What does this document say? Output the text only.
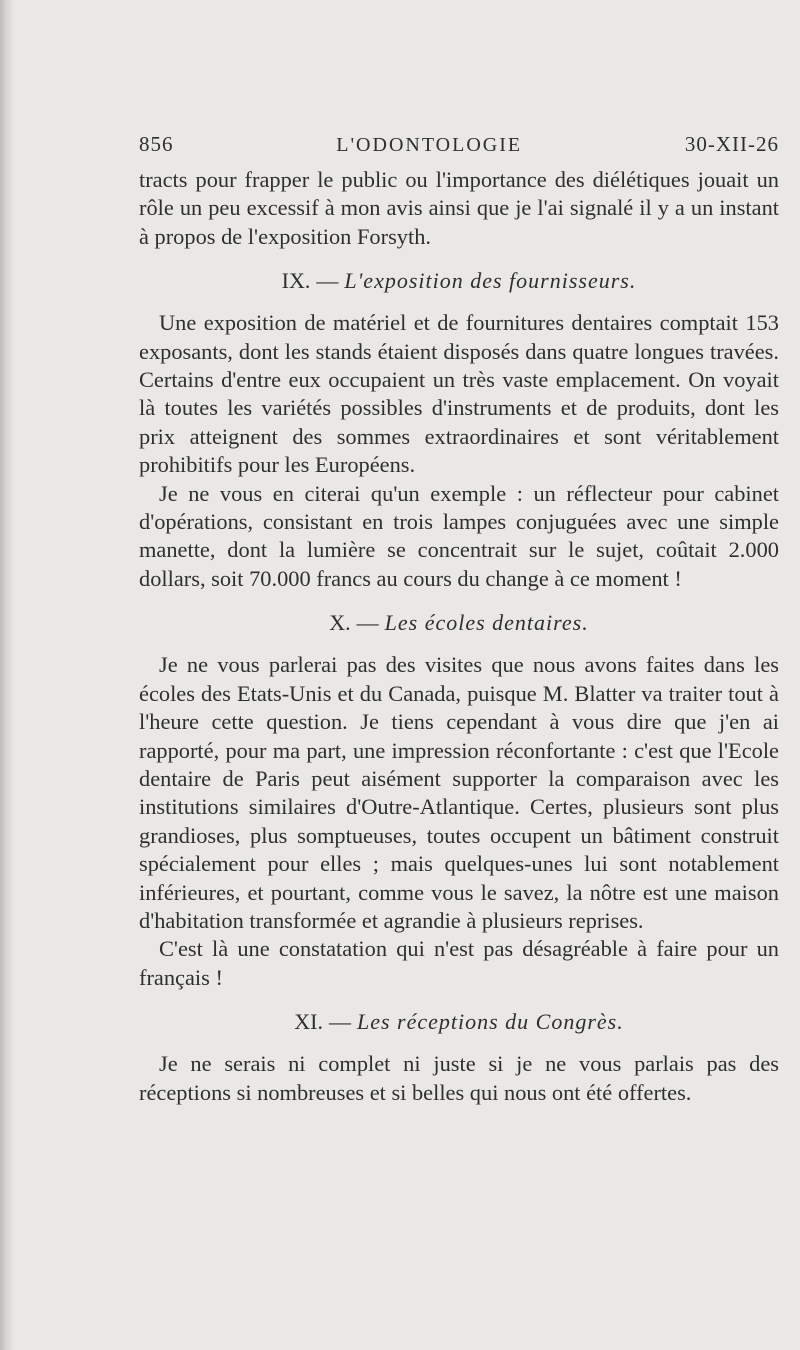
856	L'ODONTOLOGIE	30-XII-26

tracts pour frapper le public ou l'importance des diélétiques jouait un rôle un peu excessif à mon avis ainsi que je l'ai signalé il y a un instant à propos de l'exposition Forsyth.

IX. — L'exposition des fournisseurs.

Une exposition de matériel et de fournitures dentaires comptait 153 exposants, dont les stands étaient disposés dans quatre longues travées. Certains d'entre eux occupaient un très vaste emplacement. On voyait là toutes les variétés possibles d'instruments et de produits, dont les prix atteignent des sommes extraordinaires et sont véritablement prohibitifs pour les Européens.

Je ne vous en citerai qu'un exemple : un réflecteur pour cabinet d'opérations, consistant en trois lampes conjuguées avec une simple manette, dont la lumière se concentrait sur le sujet, coûtait 2.000 dollars, soit 70.000 francs au cours du change à ce moment !

X. — Les écoles dentaires.

Je ne vous parlerai pas des visites que nous avons faites dans les écoles des Etats-Unis et du Canada, puisque M. Blatter va traiter tout à l'heure cette question. Je tiens cependant à vous dire que j'en ai rapporté, pour ma part, une impression réconfortante : c'est que l'Ecole dentaire de Paris peut aisément supporter la comparaison avec les institutions similaires d'Outre-Atlantique. Certes, plusieurs sont plus grandioses, plus somptueuses, toutes occupent un bâtiment construit spécialement pour elles ; mais quelques-unes lui sont notablement inférieures, et pourtant, comme vous le savez, la nôtre est une maison d'habitation transformée et agrandie à plusieurs reprises.

C'est là une constatation qui n'est pas désagréable à faire pour un français !

XI. — Les réceptions du Congrès.

Je ne serais ni complet ni juste si je ne vous parlais pas des réceptions si nombreuses et si belles qui nous ont été offertes.
